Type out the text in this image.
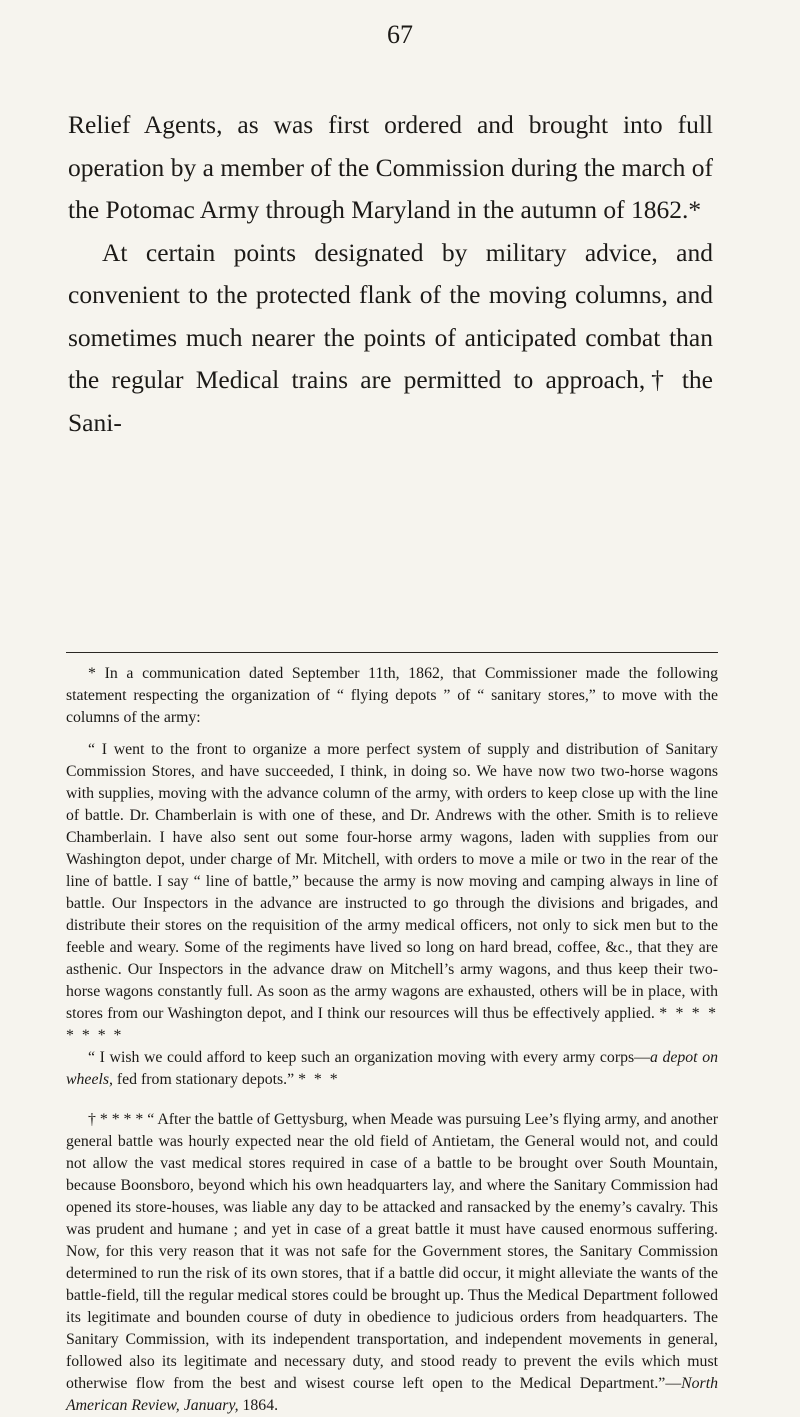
67

Relief Agents, as was first ordered and brought into full operation by a member of the Commission during the march of the Potomac Army through Maryland in the autumn of 1862.*

At certain points designated by military advice, and convenient to the protected flank of the moving columns, and sometimes much nearer the points of anticipated combat than the regular Medical trains are permitted to approach,† the Sani-

* In a communication dated September 11th, 1862, that Commissioner made the following statement respecting the organization of “ flying depots ” of “ sanitary stores,” to move with the columns of the army:

“ I went to the front to organize a more perfect system of supply and distribution of Sanitary Commission Stores, and have succeeded, I think, in doing so. We have now two two-horse wagons with supplies, moving with the advance column of the army, with orders to keep close up with the line of battle. Dr. Chamberlain is with one of these, and Dr. Andrews with the other. Smith is to relieve Chamberlain. I have also sent out some four-horse army wagons, laden with supplies from our Washington depot, under charge of Mr. Mitchell, with orders to move a mile or two in the rear of the line of battle. I say “ line of battle,” because the army is now moving and camping always in line of battle. Our Inspectors in the advance are instructed to go through the divisions and brigades, and distribute their stores on the requisition of the army medical officers, not only to sick men but to the feeble and weary. Some of the regiments have lived so long on hard bread, coffee, &c., that they are asthenic. Our Inspectors in the advance draw on Mitchell’s army wagons, and thus keep their two-horse wagons constantly full. As soon as the army wagons are exhausted, others will be in place, with stores from our Washington depot, and I think our resources will thus be effectively applied. * * * * * * * *

“ I wish we could afford to keep such an organization moving with every army corps—a depot on wheels, fed from stationary depots.” * * *

† * * * * “ After the battle of Gettysburg, when Meade was pursuing Lee’s flying army, and another general battle was hourly expected near the old field of Antietam, the General would not, and could not allow the vast medical stores required in case of a battle to be brought over South Mountain, because Boonsboro, beyond which his own headquarters lay, and where the Sanitary Commission had opened its store-houses, was liable any day to be attacked and ransacked by the enemy’s cavalry. This was prudent and humane ; and yet in case of a great battle it must have caused enormous suffering. Now, for this very reason that it was not safe for the Government stores, the Sanitary Commission determined to run the risk of its own stores, that if a battle did occur, it might alleviate the wants of the battle-field, till the regular medical stores could be brought up. Thus the Medical Department followed its legitimate and bounden course of duty in obedience to judicious orders from headquarters. The Sanitary Commission, with its independent transportation, and independent movements in general, followed also its legitimate and necessary duty, and stood ready to prevent the evils which must otherwise flow from the best and wisest course left open to the Medical Department.”—North American Review, January, 1864.
